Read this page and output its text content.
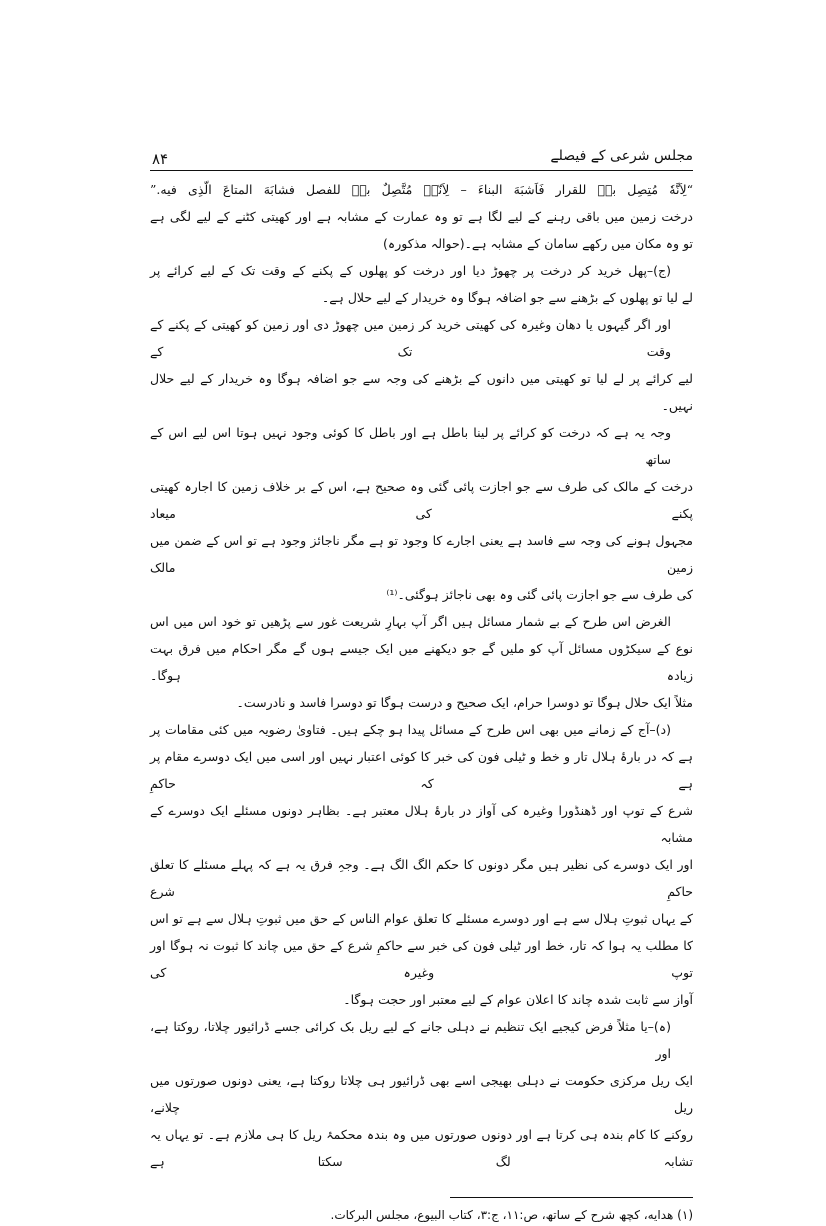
۸۴	مجلس شرعی کے فیصلے
“لِاَنَّهٗ مُتِصِل بهٖ للقرار فَاَشبَهَ البناءَ – لِاَنّہٗ مُتَّصِلٌ بهٖ للفصل فشابَهَ المتاعَ الّذِی فیه.”
درخت زمین میں باقی رہنے کے لیے لگا ہے تو وہ عمارت کے مشابہ ہے اور کھیتی کٹنے کے لیے لگی ہے
تو وہ مکان میں رکھے سامان کے مشابہ ہے۔(حوالہ مذکورہ)
(ج)–پھل خرید کر درخت پر چھوڑ دیا اور درخت کو پھلوں کے پکنے کے وقت تک کے لیے کرائے پر
لے لیا تو پھلوں کے بڑھنے سے جو اضافہ ہوگا وہ خریدار کے لیے حلال ہے۔
اور اگر گیہوں یا دھان وغیرہ کی کھیتی خرید کر زمین میں چھوڑ دی اور زمین کو کھیتی کے پکنے کے وقت تک کے
لیے کرائے پر لے لیا تو کھیتی میں دانوں کے بڑھنے کی وجہ سے جو اضافہ ہوگا وہ خریدار کے لیے حلال نہیں۔
وجہ یہ ہے کہ درخت کو کرائے پر لینا باطل ہے اور باطل کا کوئی وجود نہیں ہوتا اس لیے اس کے ساتھ
درخت کے مالک کی طرف سے جو اجازت پائی گئی وہ صحیح ہے، اس کے بر خلاف زمین کا اجارہ کھیتی پکنے کی میعاد
مجہول ہونے کی وجہ سے فاسد ہے یعنی اجارے کا وجود تو ہے مگر ناجائز وجود ہے تو اس کے ضمن میں زمین مالک
کی طرف سے جو اجازت پائی گئی وہ بھی ناجائز ہوگئی۔⁽¹⁾
الغرض اس طرح کے بے شمار مسائل ہیں اگر آپ بہارِ شریعت غور سے پڑھیں تو خود اس میں اس
نوع کے سیکڑوں مسائل آپ کو ملیں گے جو دیکھنے میں ایک جیسے ہوں گے مگر احکام میں فرق بہت زیادہ ہوگا۔
مثلاً ایک حلال ہوگا تو دوسرا حرام، ایک صحیح و درست ہوگا تو دوسرا فاسد و نادرست۔
(د)–آج کے زمانے میں بھی اس طرح کے مسائل پیدا ہو چکے ہیں۔ فتاویٰ رضویہ میں کئی مقامات پر
ہے کہ در بارۂ ہلال تار و خط و ٹیلی فون کی خبر کا کوئی اعتبار نہیں اور اسی میں ایک دوسرے مقام پر ہے کہ حاکمِ
شرع کے توپ اور ڈھنڈورا وغیرہ کی آواز در بارۂ ہلال معتبر ہے۔ بظاہر دونوں مسئلے ایک دوسرے کے مشابہ
اور ایک دوسرے کی نظیر ہیں مگر دونوں کا حکم الگ الگ ہے۔ وجہِ فرق یہ ہے کہ پہلے مسئلے کا تعلق حاکمِ شرع
کے یہاں ثبوتِ ہلال سے ہے اور دوسرے مسئلے کا تعلق عوام الناس کے حق میں ثبوتِ ہلال سے ہے تو اس
کا مطلب یہ ہوا کہ تار، خط اور ٹیلی فون کی خبر سے حاکمِ شرع کے حق میں چاند کا ثبوت نہ ہوگا اور توپ وغیرہ کی
آواز سے ثابت شدہ چاند کا اعلان عوام کے لیے معتبر اور حجت ہوگا۔
(ہ)–یا مثلاً فرض کیجیے ایک تنظیم نے دہلی جانے کے لیے ریل بک کرائی جسے ڈرائیور چلاتا، روکتا ہے، اور
ایک ریل مرکزی حکومت نے دہلی بھیجی اسے بھی ڈرائیور ہی چلاتا روکتا ہے، یعنی دونوں صورتوں میں ریل چلانے،
روکنے کا کام بندہ ہی کرتا ہے اور دونوں صورتوں میں وہ بندہ محکمۂ ریل کا ہی ملازم ہے۔ تو یہاں یہ تشابہ لگ سکتا ہے
(۱) هدايه، کچھ شرح کے ساتھ، ص:۱۱، ج:۳، کتاب البيوع، مجلس البرکات.
